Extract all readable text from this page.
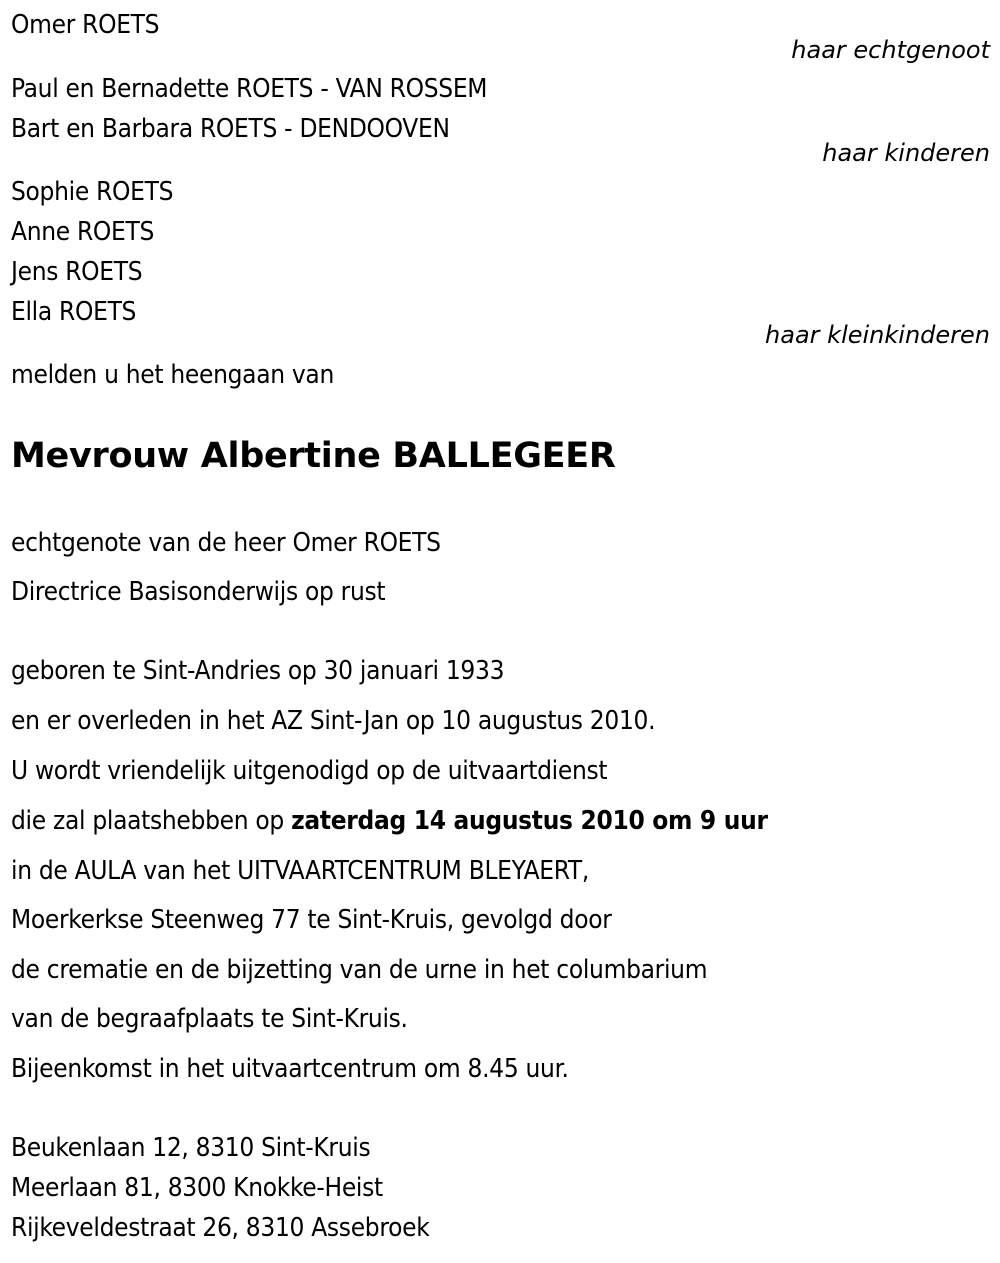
Omer ROETS
haar echtgenoot
Paul en Bernadette ROETS - VAN ROSSEM
Bart en Barbara ROETS - DENDOOVEN
haar kinderen
Sophie ROETS
Anne ROETS
Jens ROETS
Ella ROETS
haar kleinkinderen
melden u het heengaan van
Mevrouw Albertine BALLEGEER
echtgenote van de heer Omer ROETS
Directrice Basisonderwijs op rust
geboren te Sint-Andries op 30 januari 1933
en er overleden in het AZ Sint-Jan op 10 augustus 2010.
U wordt vriendelijk uitgenodigd op de uitvaartdienst
die zal plaatshebben op zaterdag 14 augustus 2010 om 9 uur
in de AULA van het UITVAARTCENTRUM BLEYAERT,
Moerkerkse Steenweg 77 te Sint-Kruis, gevolgd door
de crematie en de bijzetting van de urne in het columbarium
van de begraafplaats te Sint-Kruis.
Bijeenkomst in het uitvaartcentrum om 8.45 uur.
Beukenlaan 12, 8310 Sint-Kruis
Meerlaan 81, 8300 Knokke-Heist
Rijkeveldestraat 26, 8310 Assebroek
